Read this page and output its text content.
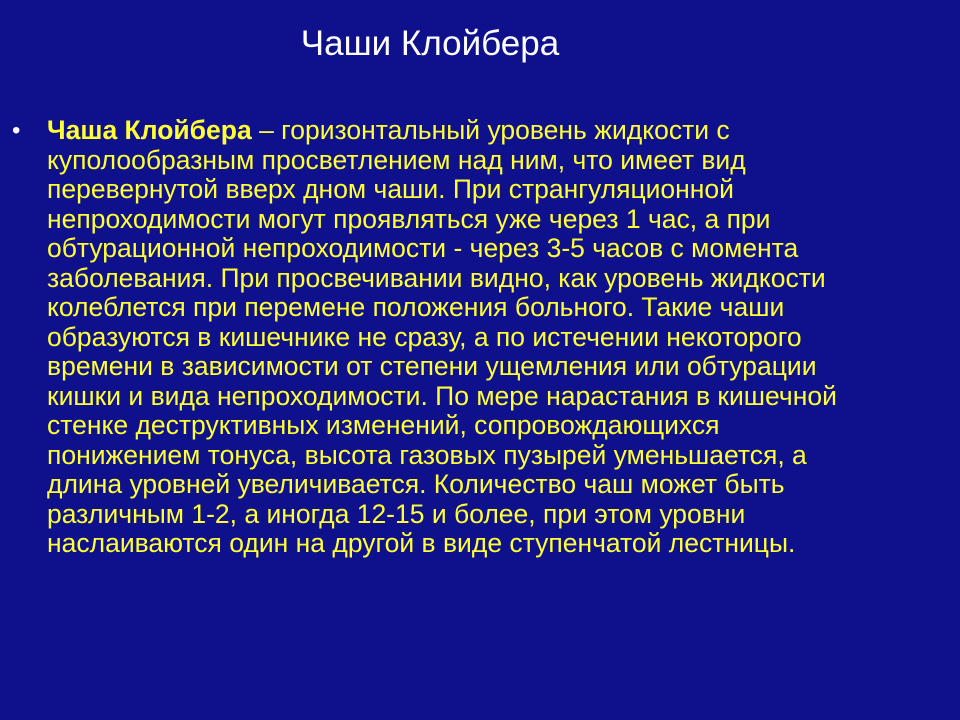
Чаши Клойбера
• Чаша Клойбера – горизонтальный уровень жидкости с куполообразным просветлением над ним, что имеет вид перевернутой вверх дном чаши. При странгуляционной непроходимости могут проявляться уже через 1 час, а при обтурационной непроходимости - через 3-5 часов с момента заболевания. При просвечивании видно, как уровень жидкости колеблется при перемене положения больного. Такие чаши образуются в кишечнике не сразу, а по истечении некоторого времени в зависимости от степени ущемления или обтурации кишки и вида непроходимости. По мере нарастания в кишечной стенке деструктивных изменений, сопровождающихся понижением тонуса, высота газовых пузырей уменьшается, а длина уровней увеличивается. Количество чаш может быть различным 1-2, а иногда 12-15 и более, при этом уровни наслаиваются один на другой в виде ступенчатой лестницы.
